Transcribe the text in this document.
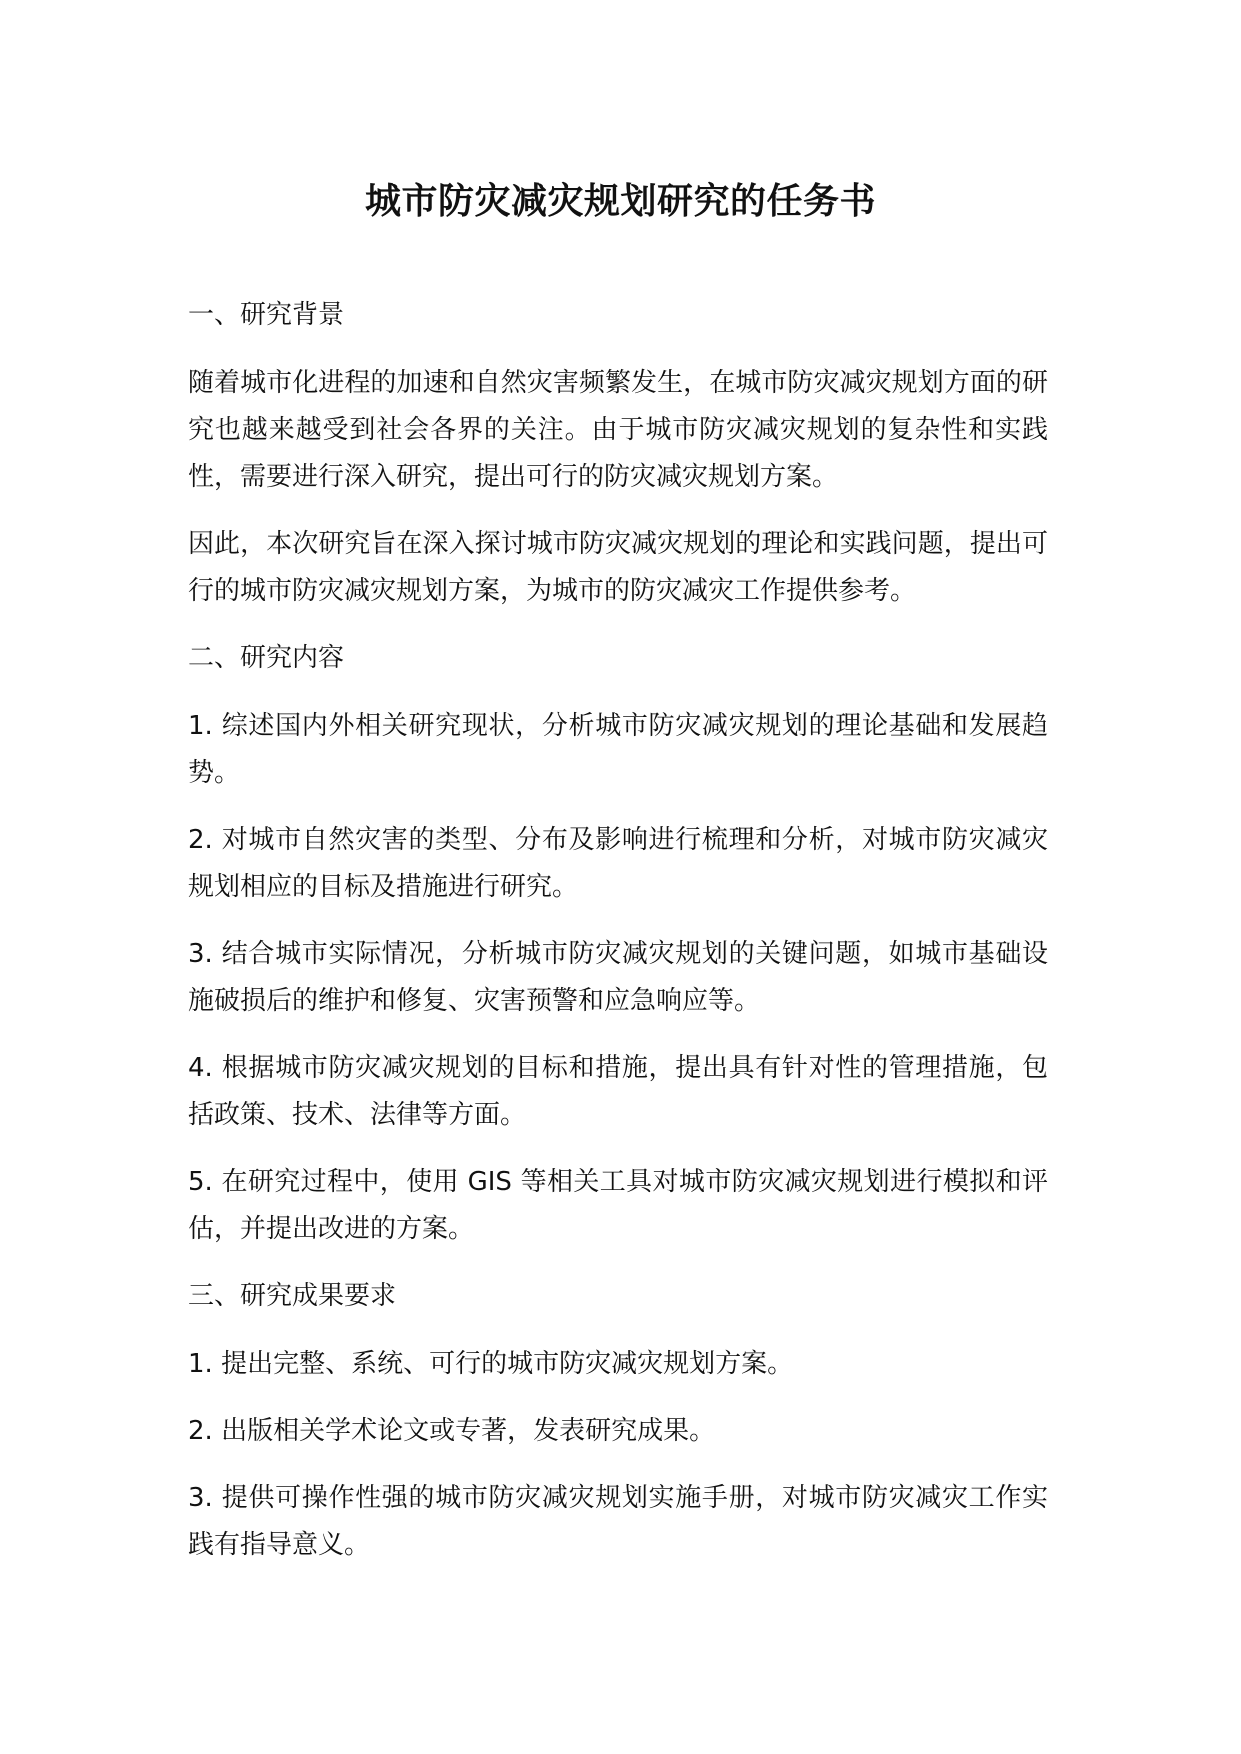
城市防灾减灾规划研究的任务书

一、研究背景

随着城市化进程的加速和自然灾害频繁发生，在城市防灾减灾规划方面的研究也越来越受到社会各界的关注。由于城市防灾减灾规划的复杂性和实践性，需要进行深入研究，提出可行的防灾减灾规划方案。

因此，本次研究旨在深入探讨城市防灾减灾规划的理论和实践问题，提出可行的城市防灾减灾规划方案，为城市的防灾减灾工作提供参考。

二、研究内容

1. 综述国内外相关研究现状，分析城市防灾减灾规划的理论基础和发展趋势。

2. 对城市自然灾害的类型、分布及影响进行梳理和分析，对城市防灾减灾规划相应的目标及措施进行研究。

3. 结合城市实际情况，分析城市防灾减灾规划的关键问题，如城市基础设施破损后的维护和修复、灾害预警和应急响应等。

4. 根据城市防灾减灾规划的目标和措施，提出具有针对性的管理措施，包括政策、技术、法律等方面。

5. 在研究过程中，使用 GIS 等相关工具对城市防灾减灾规划进行模拟和评估，并提出改进的方案。

三、研究成果要求

1. 提出完整、系统、可行的城市防灾减灾规划方案。

2. 出版相关学术论文或专著，发表研究成果。

3. 提供可操作性强的城市防灾减灾规划实施手册，对城市防灾减灾工作实践有指导意义。
